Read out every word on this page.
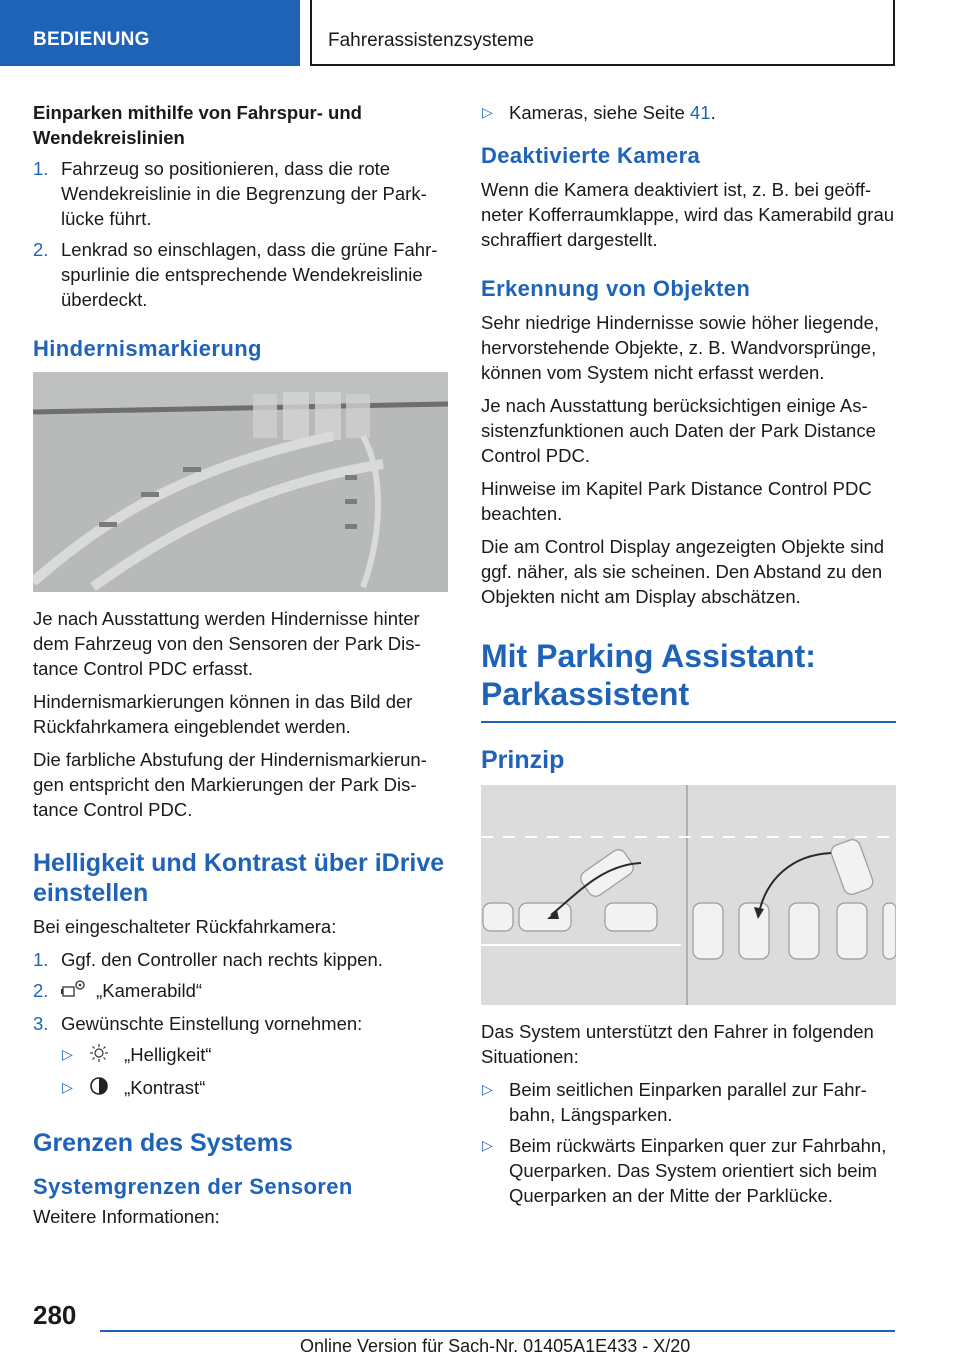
BEDIENUNG	Fahrerassistenzsysteme

Einparken mithilfe von Fahrspur- und Wendekreislinien

1. Fahrzeug so positionieren, dass die rote Wendekreislinie in die Begrenzung der Park-lücke führt.
2. Lenkrad so einschlagen, dass die grüne Fahr-spurlinie die entsprechende Wendekreislinie überdeckt.
Hindernismarkierung

Je nach Ausstattung werden Hindernisse hinter dem Fahrzeug von den Sensoren der Park Dis-tance Control PDC erfasst.

Hindernismarkierungen können in das Bild der Rückfahrkamera eingeblendet werden.

Die farbliche Abstufung der Hindernismarkierun-gen entspricht den Markierungen der Park Dis-tance Control PDC.

Helligkeit und Kontrast über iDrive einstellen

Bei eingeschalteter Rückfahrkamera:

1. Ggf. den Controller nach rechts kippen.
2.	„Kamerabild“
3. Gewünschte Einstellung vornehmen:
▷	„Helligkeit“
▷	„Kontrast“
Grenzen des Systems
Systemgrenzen der Sensoren

Weitere Informationen:

▷ Kameras, siehe Seite 41.
Deaktivierte Kamera

Wenn die Kamera deaktiviert ist, z. B. bei geöff-neter Kofferraumklappe, wird das Kamerabild grau schraffiert dargestellt.

Erkennung von Objekten

Sehr niedrige Hindernisse sowie höher liegende, hervorstehende Objekte, z. B. Wandvorsprünge, können vom System nicht erfasst werden.

Je nach Ausstattung berücksichtigen einige As-sistenzfunktionen auch Daten der Park Distance Control PDC.

Hinweise im Kapitel Park Distance Control PDC beachten.

Die am Control Display angezeigten Objekte sind ggf. näher, als sie scheinen. Den Abstand zu den Objekten nicht am Display abschätzen.

Mit Parking Assistant: Parkassistent
Prinzip

Das System unterstützt den Fahrer in folgenden Situationen:

▷ Beim seitlichen Einparken parallel zur Fahr-bahn, Längsparken.
▷ Beim rückwärts Einparken quer zur Fahrbahn, Querparken. Das System orientiert sich beim Querparken an der Mitte der Parklücke.
280
Online Version für Sach-Nr. 01405A1E433 - X/20
